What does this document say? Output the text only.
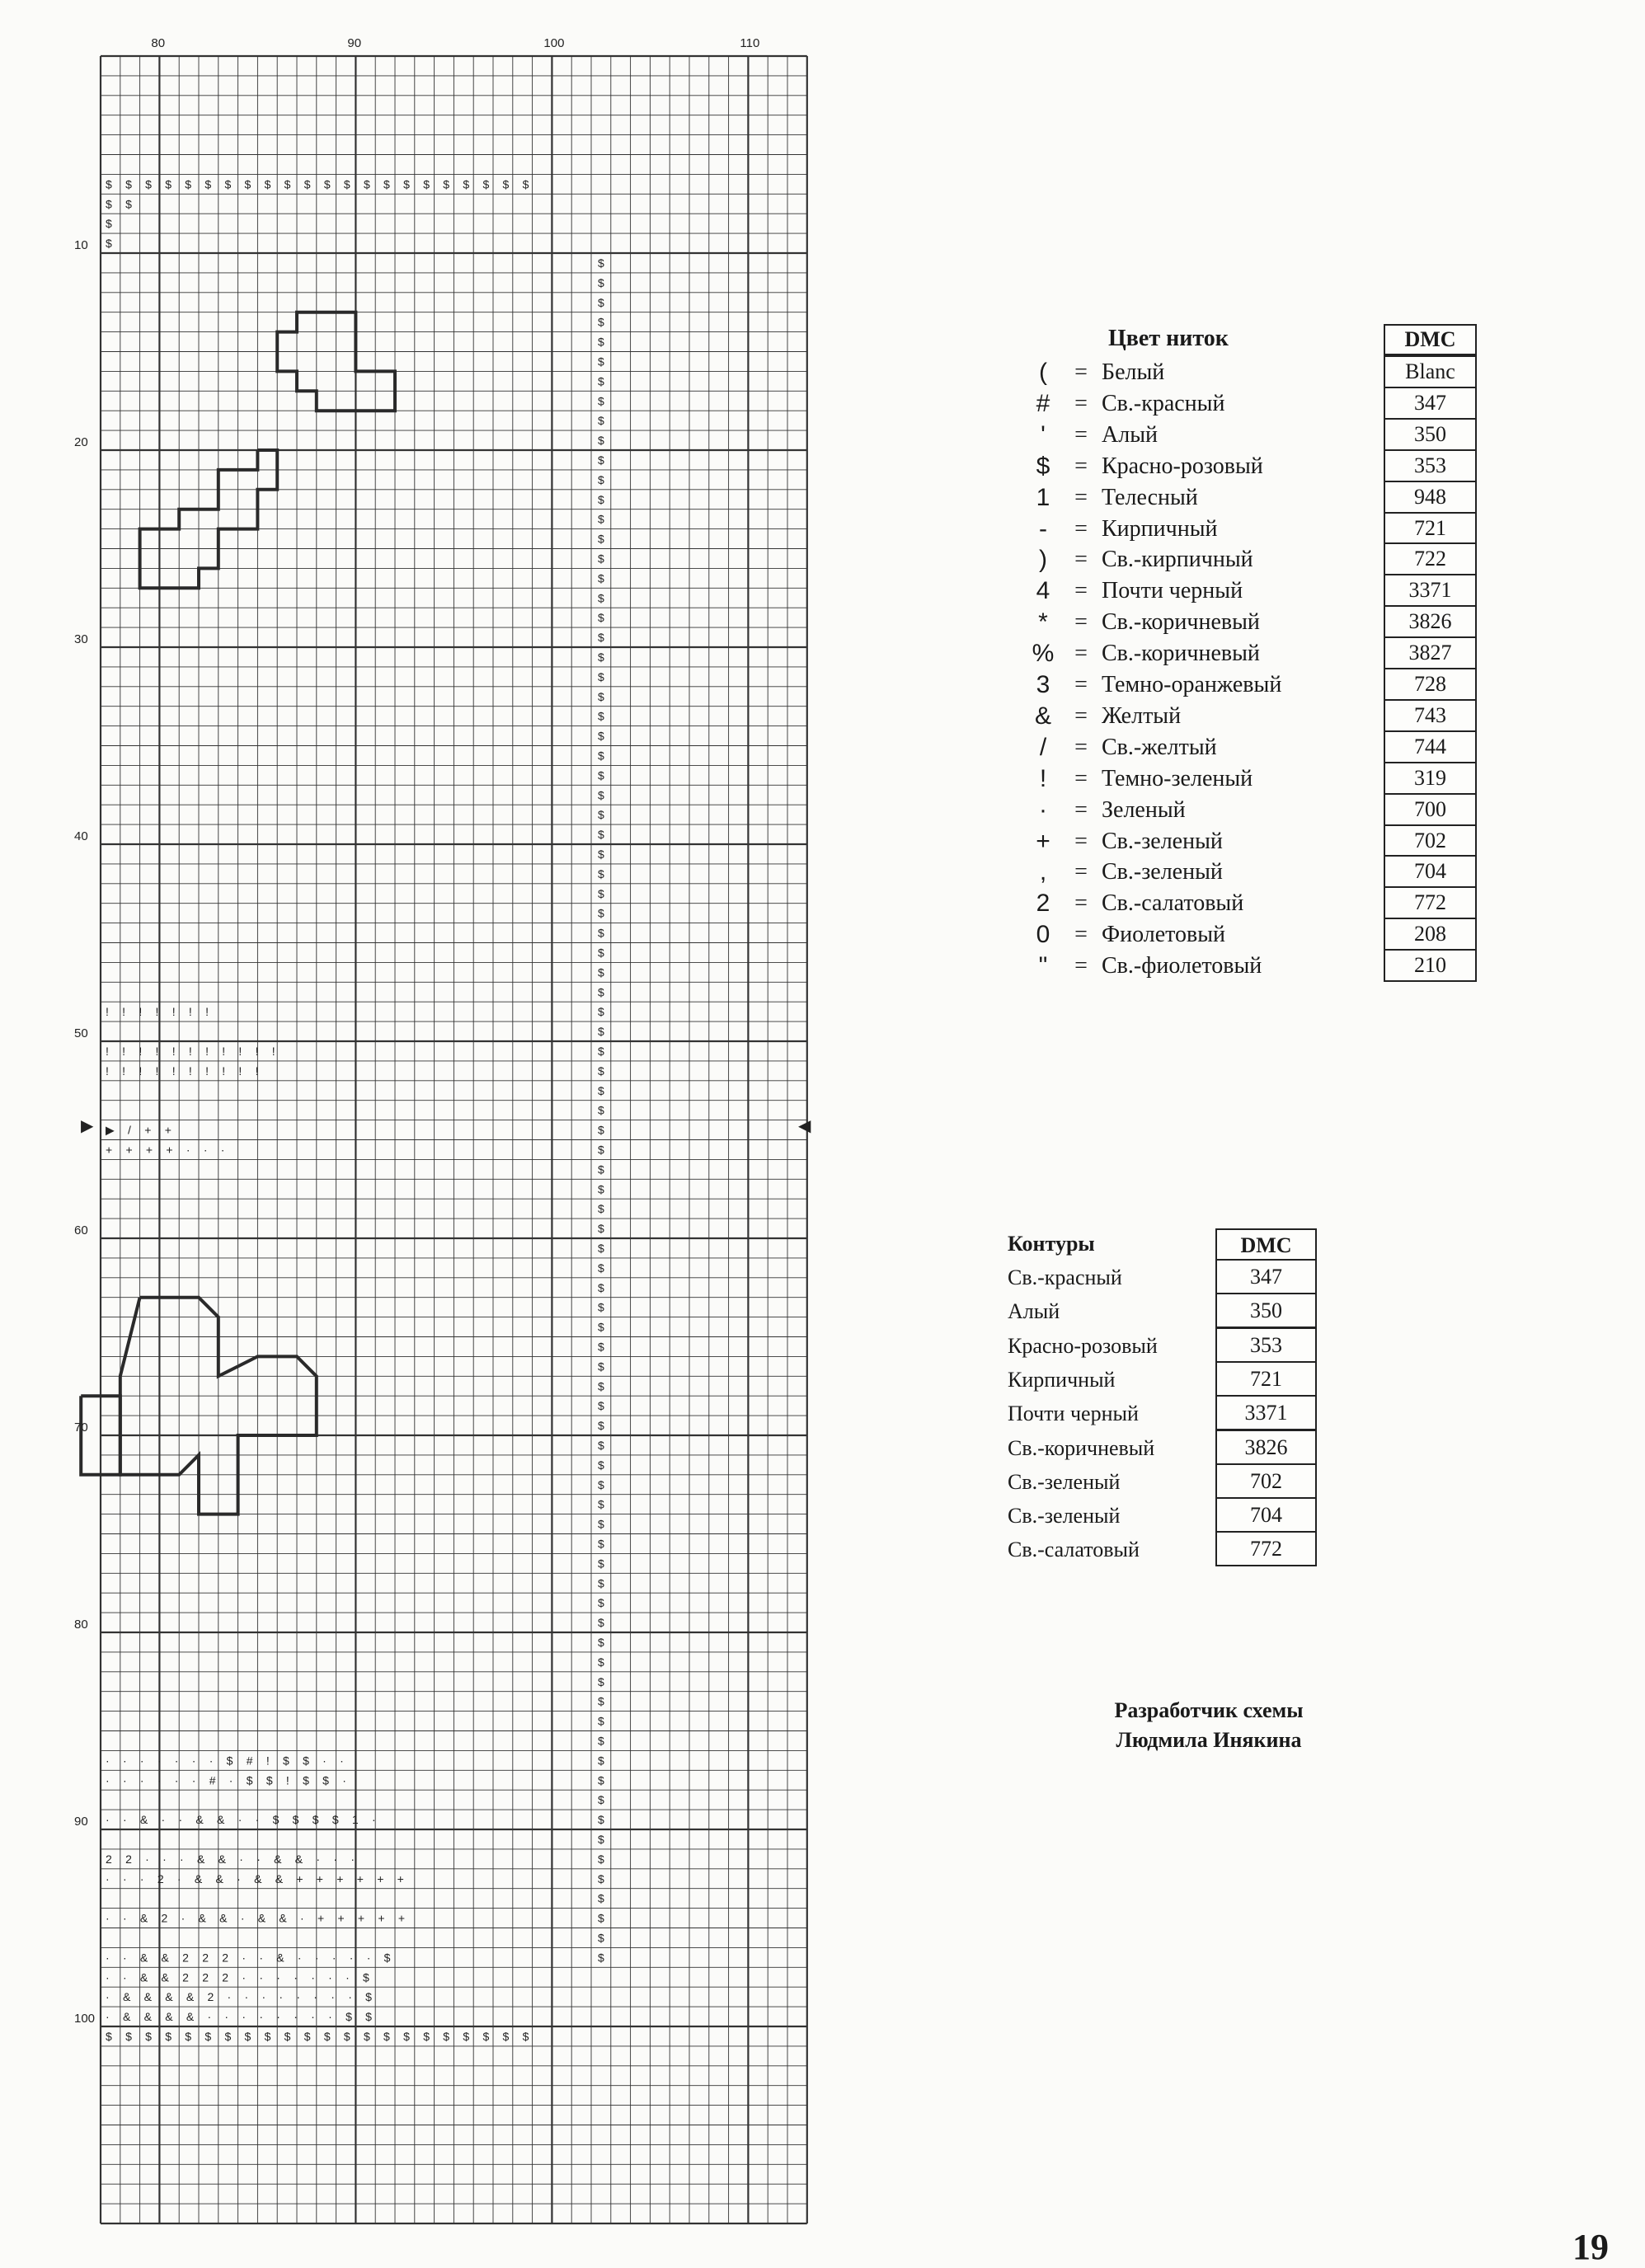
$
$
$
$
$
$
$
$
$
$
$
$
$
$
$
$
$
$
$
$
$
$
$
$
$
$
$
$
$
$
$
$
$
$
$
$
$
$
$
$
$
$
$
$
$
$
$
$
$
$
$
$
$
$
$
$
$
$
$
$
$
$
$
$
$
$
$
$
$
$
$
$
$
$
$
$
$
$
$
$
$
$
$
$
$
$
$
$ $ $ $ $ $ $ $ $ $ $ $ $ $ $ $ $ $ $ $ $ $
$ $
$
$
! ! ! ! ! ! !
! ! ! ! ! ! ! ! ! ! !
! ! ! ! ! ! ! ! ! !
▶ / + +
+ + + + · · ·
· · · · · · · $ # ! $ $ · ·
· · · · · · # · $ $ ! $ $ ·
· · & · · & & · · $ $ $ $ 1 ·
2 2 · · · & & · · & & · · ·
· · · 2 · & & · & & + + + + + +
· · & 2 · & & · & & · + + + + +
· · & & 2 2 2 · · & · · · · · $
· · & & 2 2 2 · · · · · · · $
· & & & & 2 · · · · · · · · $
· & & & & · · · · · · · · $ $
$ $ $ $ $ $ $ $ $ $ $ $ $ $ $ $ $ $ $ $ $ $
80	90	100	110
10
20
30
40
50
60
70
80
90
100
▶	◀
Цвет ниток	DMC
(	= Белый	Blanc
#	= Св.-красный	347
'	= Алый	350
$	= Красно-розовый	353
1	= Телесный	948
-	= Кирпичный	721
)	= Св.-кирпичный	722
4	= Почти черный	3371
*	= Св.-коричневый	3826
% = Св.-коричневый	3827
3	= Темно-оранжевый	728
&	= Желтый	743
/	= Св.-желтый	744
!	= Темно-зеленый	319
·	= Зеленый	700
+	= Св.-зеленый	702
,	= Св.-зеленый	704
2	= Св.-салатовый	772
0	= Фиолетовый	208
"	= Св.-фиолетовый	210
Контуры	DMC
Св.-красный	347
Алый	350
Красно-розовый	353
Кирпичный	721
Почти черный	3371
Св.-коричневый	3826
Св.-зеленый	702
Св.-зеленый	704
Св.-салатовый	772
Разработчик схемы
Людмила Инякина
19
